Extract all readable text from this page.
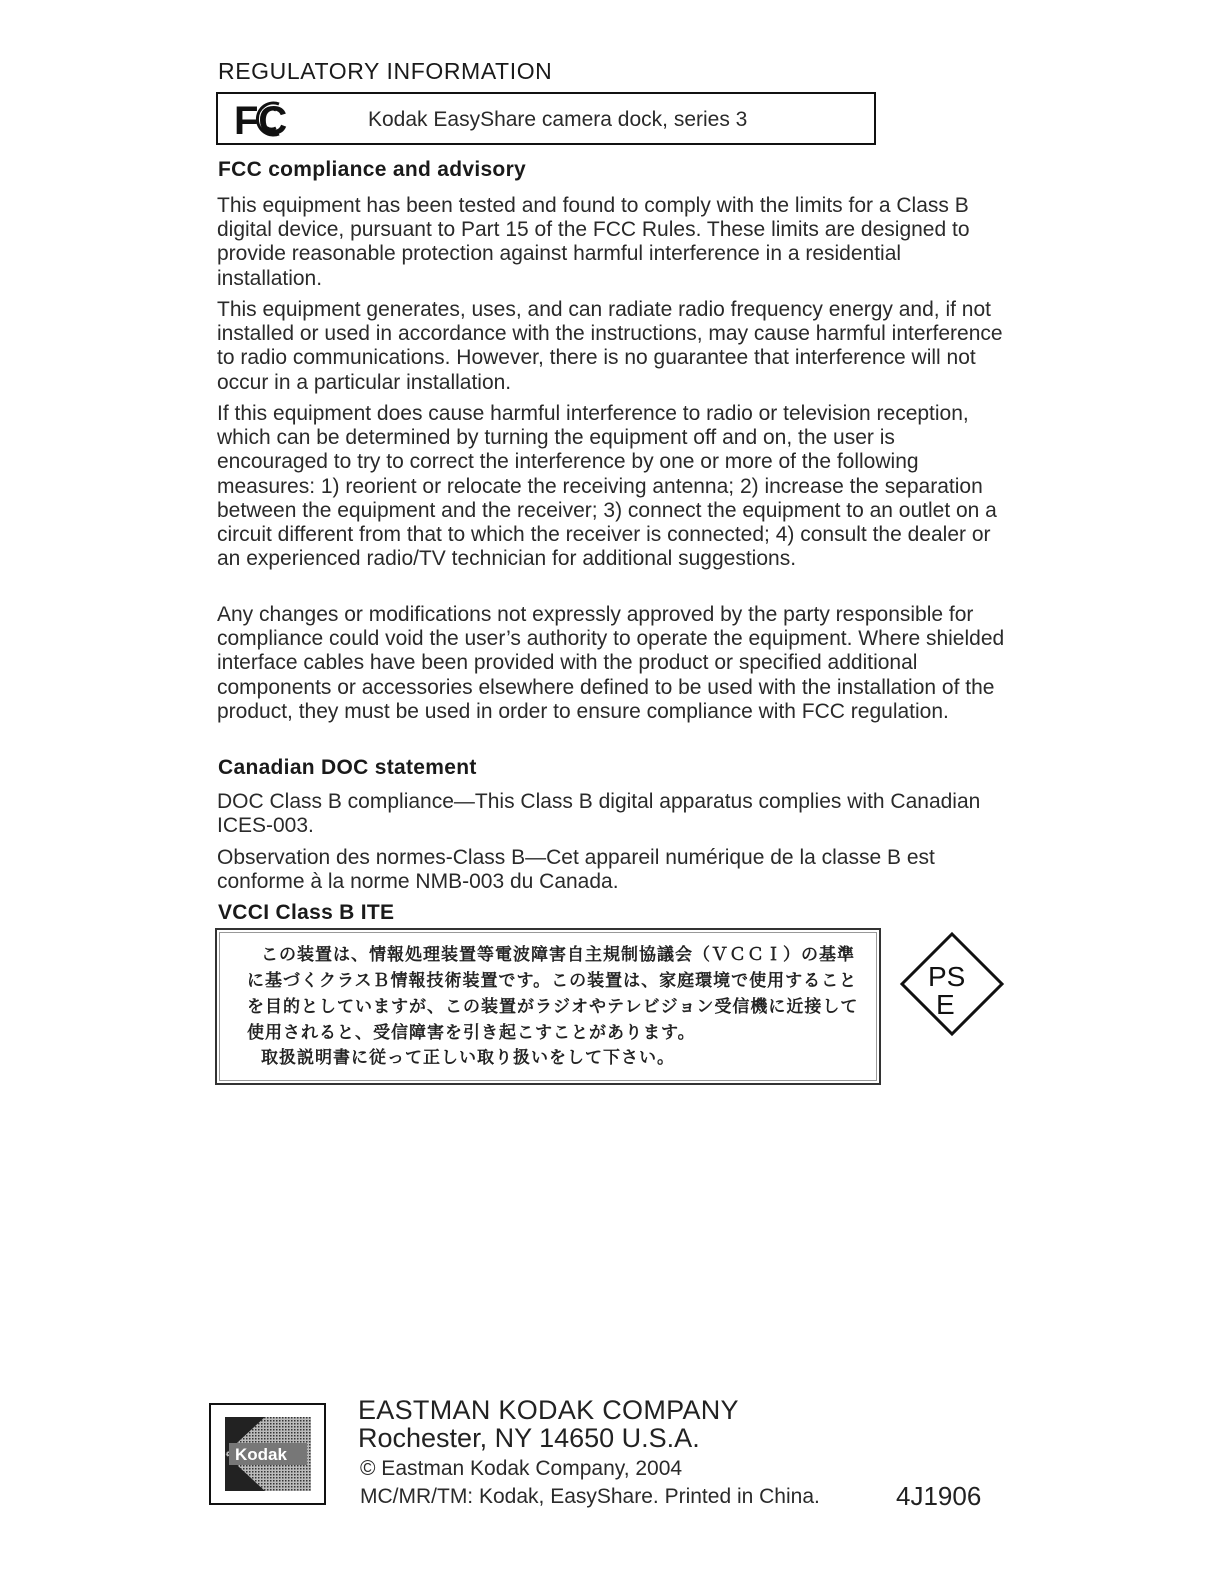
REGULATORY INFORMATION
FC	Kodak EasyShare camera dock, series 3
FCC compliance and advisory

This equipment has been tested and found to comply with the limits for a Class B digital device, pursuant to Part 15 of the FCC Rules. These limits are designed to provide reasonable protection against harmful interference in a residential installation.

This equipment generates, uses, and can radiate radio frequency energy and, if not installed or used in accordance with the instructions, may cause harmful interference to radio communications. However, there is no guarantee that interference will not occur in a particular installation.

If this equipment does cause harmful interference to radio or television reception, which can be determined by turning the equipment off and on, the user is encouraged to try to correct the interference by one or more of the following measures: 1) reorient or relocate the receiving antenna; 2) increase the separation between the equipment and the receiver; 3) connect the equipment to an outlet on a circuit different from that to which the receiver is connected; 4) consult the dealer or an experienced radio/TV technician for additional suggestions.

Any changes or modifications not expressly approved by the party responsible for compliance could void the user’s authority to operate the equipment. Where shielded interface cables have been provided with the product or specified additional components or accessories elsewhere defined to be used with the installation of the product, they must be used in order to ensure compliance with FCC regulation.

Canadian DOC statement

DOC Class B compliance—This Class B digital apparatus complies with Canadian ICES-003.

Observation des normes-Class B—Cet appareil numérique de la classe B est conforme à la norme NMB-003 du Canada.

VCCI Class B ITE
この装置は、情報処理装置等電波障害自主規制協議会（ＶＣＣＩ）の基準
に基づくクラスＢ情報技術装置です。この装置は、家庭環境で使用すること
を目的としていますが、この装置がラジオやテレビジョン受信機に近接して
使用されると、受信障害を引き起こすことがあります。
取扱説明書に従って正しい取り扱いをして下さい。
PS
E
Kodak
EASTMAN KODAK COMPANY
Rochester, NY 14650 U.S.A.
© Eastman Kodak Company, 2004
MC/MR/TM: Kodak, EasyShare. Printed in China.	4J1906
